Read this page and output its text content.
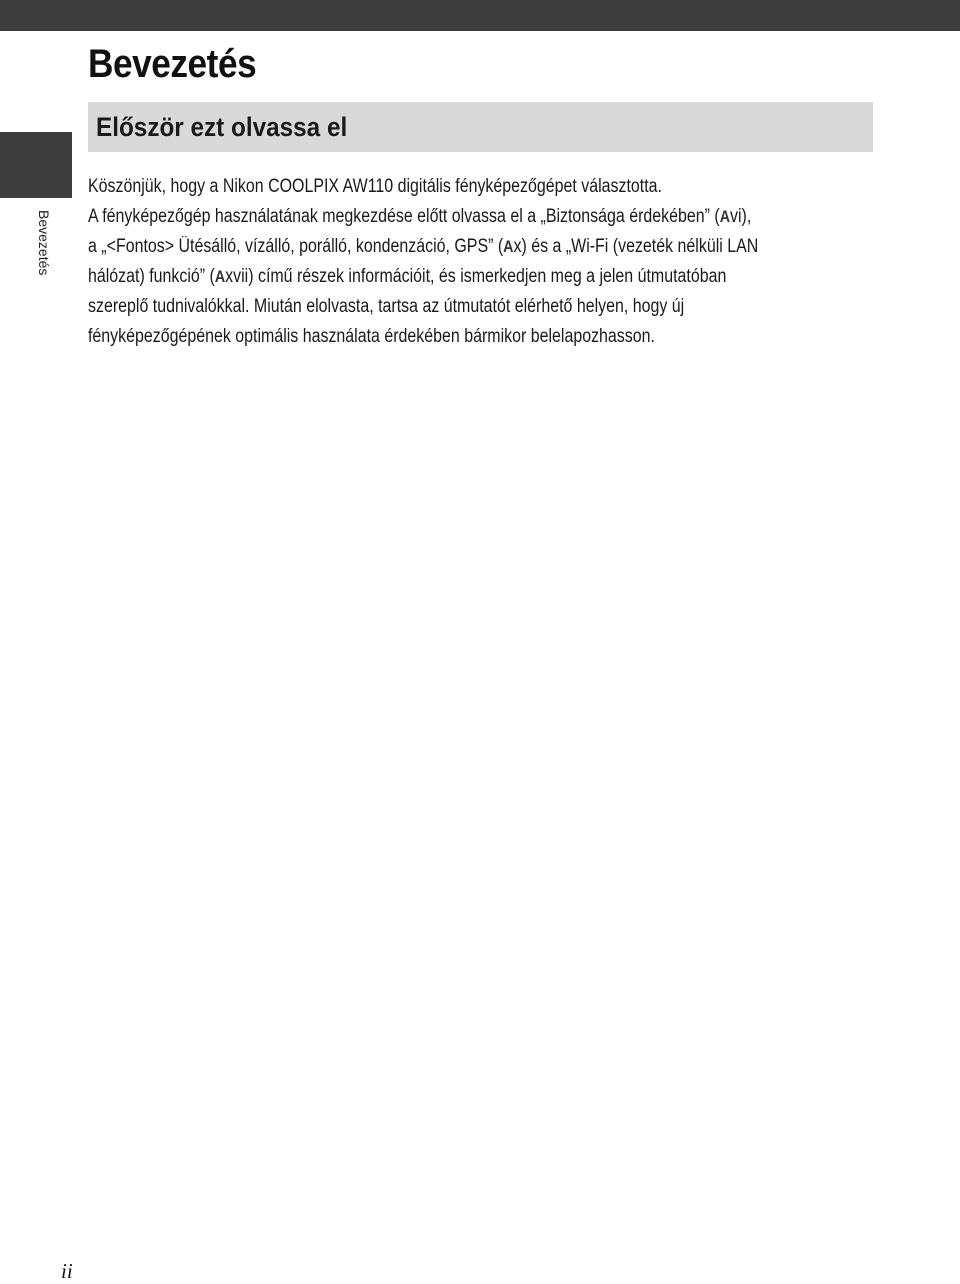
Bevezetés
Bevezetés
Először ezt olvassa el
Köszönjük, hogy a Nikon COOLPIX AW110 digitális fényképezőgépet választotta.
A fényképezőgép használatának megkezdése előtt olvassa el a „Biztonsága érdekében” (Avi),
a „<Fontos> Ütésálló, vízálló, porálló, kondenzáció, GPS” (Ax) és a „Wi-Fi (vezeték nélküli LAN
hálózat) funkció” (Axvii) című részek információit, és ismerkedjen meg a jelen útmutatóban
szereplő tudnivalókkal. Miután elolvasta, tartsa az útmutatót elérhető helyen, hogy új
fényképezőgépének optimális használata érdekében bármikor belelapozhasson.
ii
